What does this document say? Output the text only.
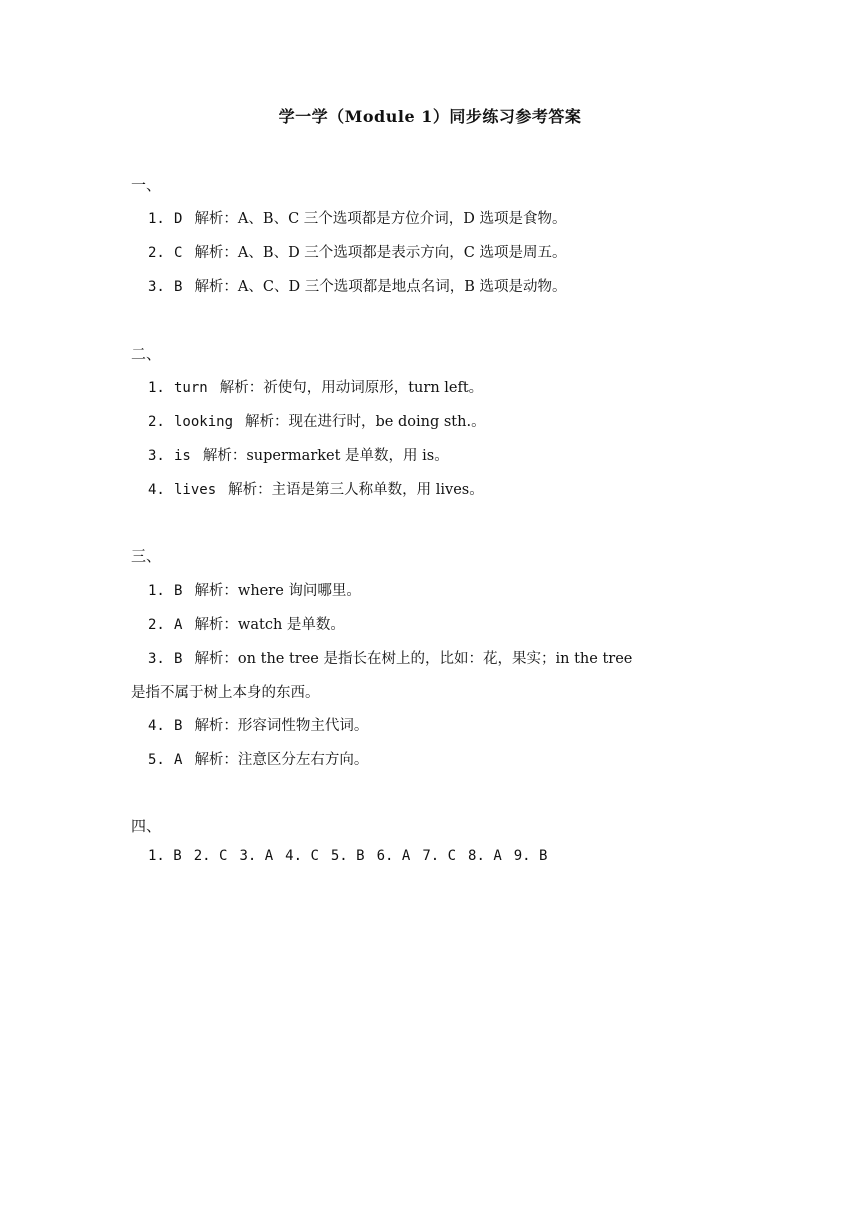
学一学（Module 1）同步练习参考答案
一、
1. D 解析：A、B、C 三个选项都是方位介词，D 选项是食物。
2. C 解析：A、B、D 三个选项都是表示方向，C 选项是周五。
3. B 解析：A、C、D 三个选项都是地点名词，B 选项是动物。
二、
1. turn 解析：祈使句，用动词原形，turn left。
2. looking 解析：现在进行时，be doing sth.。
3. is 解析：supermarket 是单数，用 is。
4. lives 解析：主语是第三人称单数，用 lives。
三、
1. B 解析：where 询问哪里。
2. A 解析：watch 是单数。
3. B 解析：on the tree 是指长在树上的，比如：花，果实；in the tree
是指不属于树上本身的东西。
4. B 解析：形容词性物主代词。
5. A 解析：注意区分左右方向。
四、
1. B 2. C 3. A 4. C 5. B 6. A 7. C 8. A 9. B
